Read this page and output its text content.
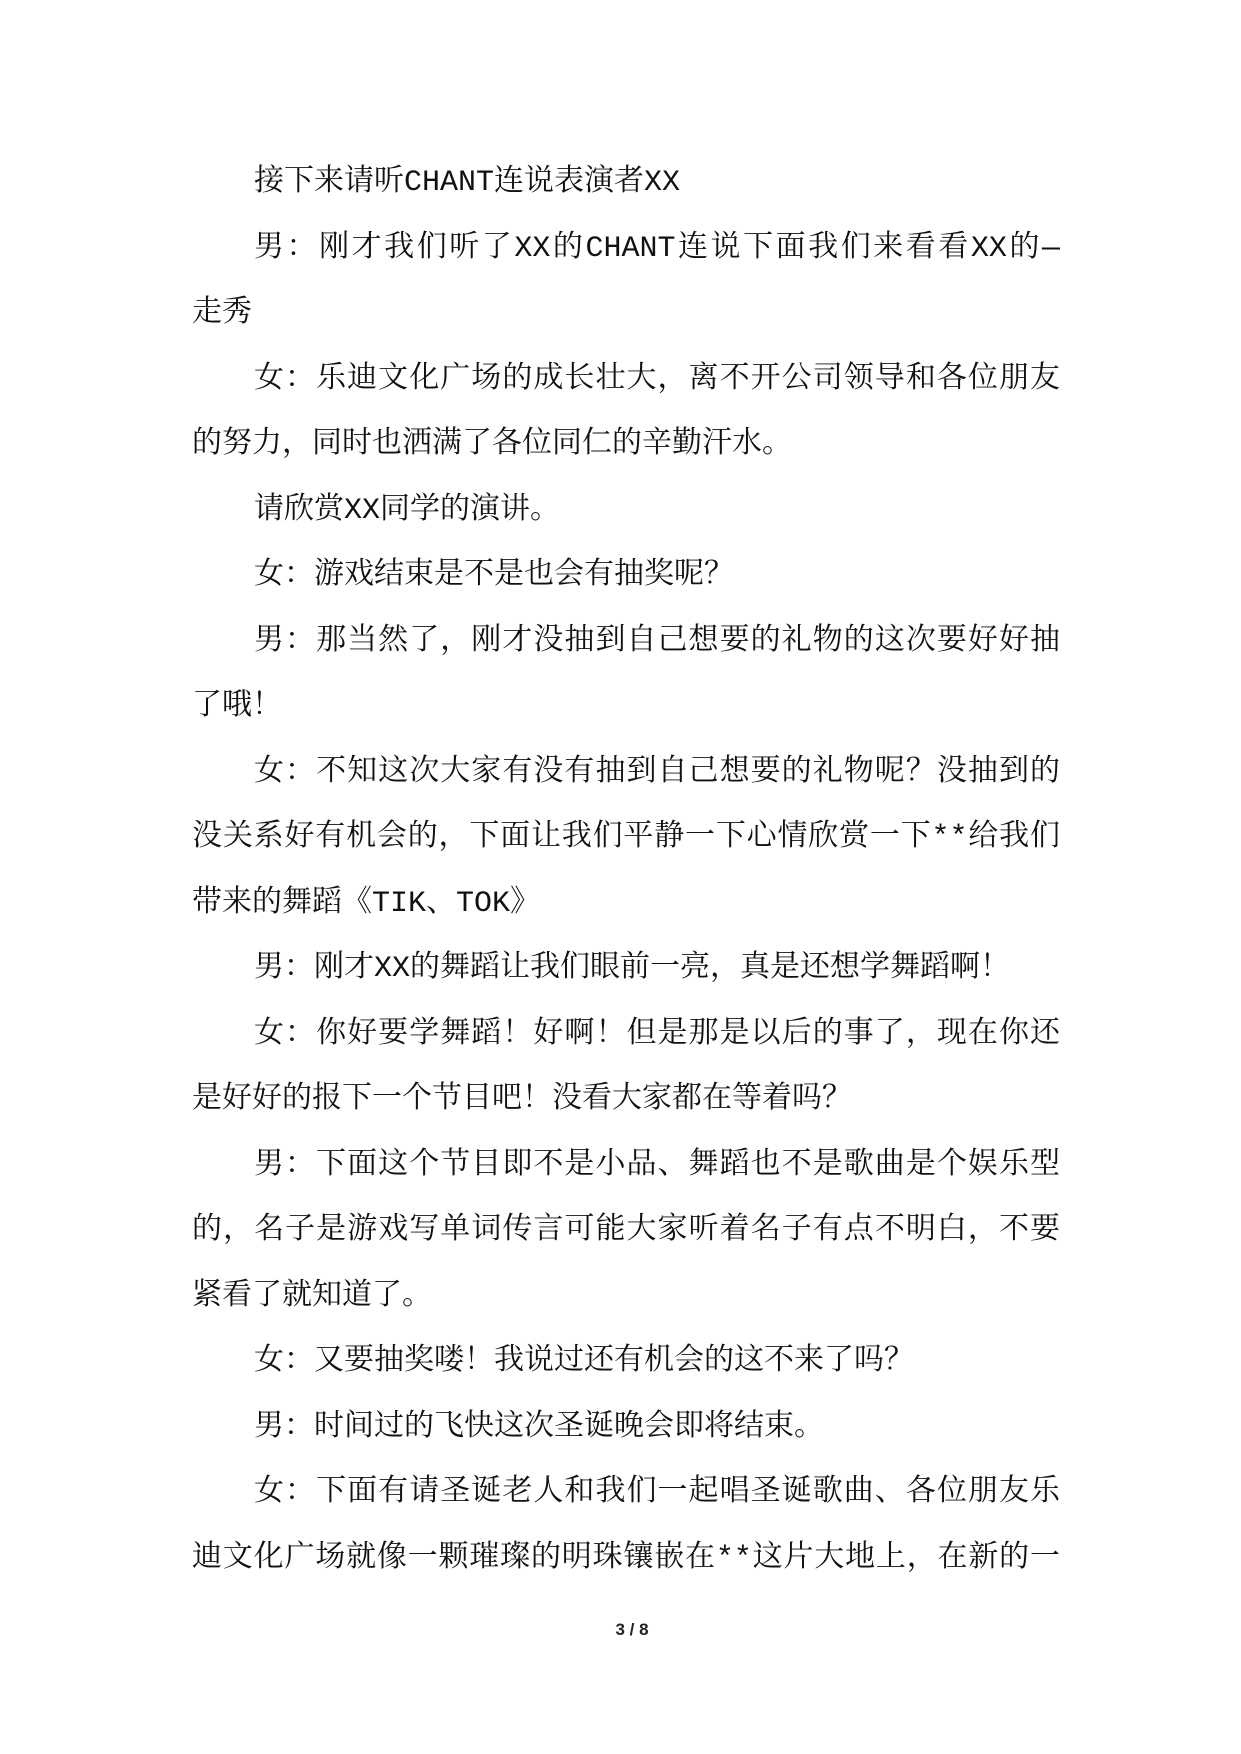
接下来请听CHANT连说表演者XX
男：刚才我们听了XX的CHANT连说下面我们来看看XX的—
走秀
女：乐迪文化广场的成长壮大，离不开公司领导和各位朋友
的努力，同时也洒满了各位同仁的辛勤汗水。
请欣赏XX同学的演讲。
女：游戏结束是不是也会有抽奖呢？
男：那当然了，刚才没抽到自己想要的礼物的这次要好好抽
了哦！
女：不知这次大家有没有抽到自己想要的礼物呢？没抽到的
没关系好有机会的，下面让我们平静一下心情欣赏一下**给我们
带来的舞蹈《TIK、TOK》
男：刚才XX的舞蹈让我们眼前一亮，真是还想学舞蹈啊！
女：你好要学舞蹈！好啊！但是那是以后的事了，现在你还
是好好的报下一个节目吧！没看大家都在等着吗？
男：下面这个节目即不是小品、舞蹈也不是歌曲是个娱乐型
的，名子是游戏写单词传言可能大家听着名子有点不明白，不要
紧看了就知道了。
女：又要抽奖喽！我说过还有机会的这不来了吗？
男：时间过的飞快这次圣诞晚会即将结束。
女：下面有请圣诞老人和我们一起唱圣诞歌曲、各位朋友乐
迪文化广场就像一颗璀璨的明珠镶嵌在**这片大地上，在新的一
3 / 8
